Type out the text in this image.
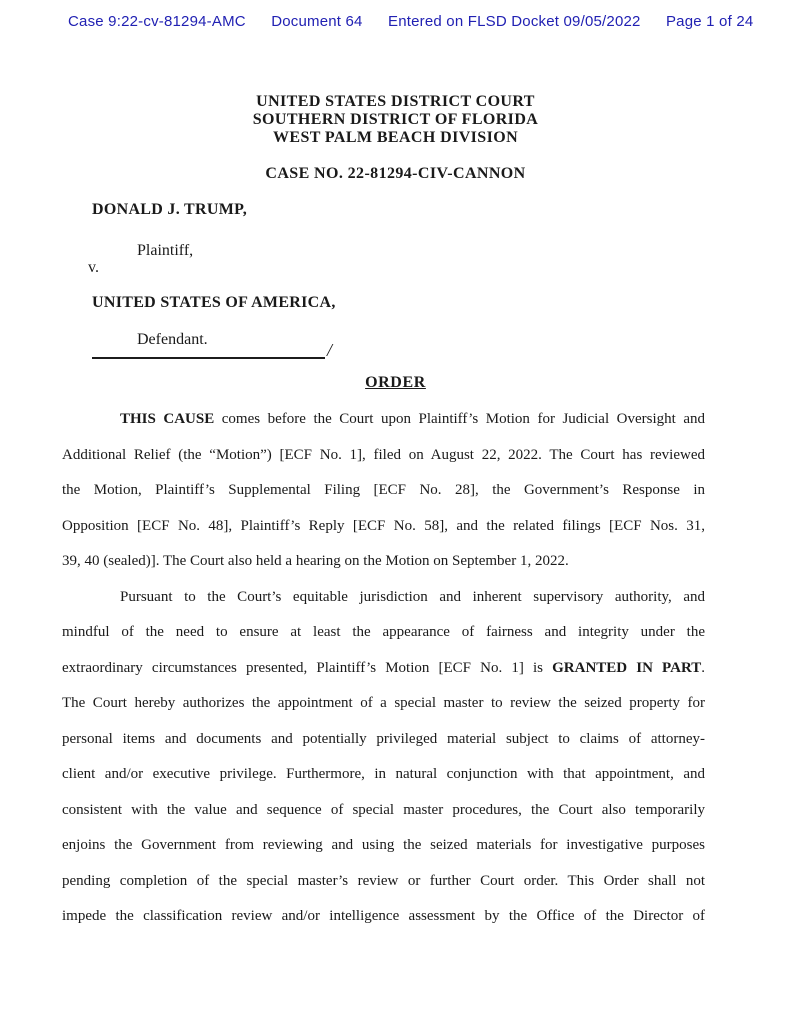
Case 9:22-cv-81294-AMC Document 64 Entered on FLSD Docket 09/05/2022 Page 1 of 24
UNITED STATES DISTRICT COURT
SOUTHERN DISTRICT OF FLORIDA
WEST PALM BEACH DIVISION
CASE NO. 22-81294-CIV-CANNON
DONALD J. TRUMP,
Plaintiff,
v.
UNITED STATES OF AMERICA,
Defendant.
/
ORDER
THIS CAUSE comes before the Court upon Plaintiff’s Motion for Judicial Oversight and
Additional Relief (the “Motion”) [ECF No. 1], filed on August 22, 2022. The Court has reviewed
the Motion, Plaintiff’s Supplemental Filing [ECF No. 28], the Government’s Response in
Opposition [ECF No. 48], Plaintiff’s Reply [ECF No. 58], and the related filings [ECF Nos. 31,
39, 40 (sealed)]. The Court also held a hearing on the Motion on September 1, 2022.
Pursuant to the Court’s equitable jurisdiction and inherent supervisory authority, and
mindful of the need to ensure at least the appearance of fairness and integrity under the
extraordinary circumstances presented, Plaintiff’s Motion [ECF No. 1] is GRANTED IN PART.
The Court hereby authorizes the appointment of a special master to review the seized property for
personal items and documents and potentially privileged material subject to claims of attorney-
client and/or executive privilege. Furthermore, in natural conjunction with that appointment, and
consistent with the value and sequence of special master procedures, the Court also temporarily
enjoins the Government from reviewing and using the seized materials for investigative purposes
pending completion of the special master’s review or further Court order. This Order shall not
impede the classification review and/or intelligence assessment by the Office of the Director of
